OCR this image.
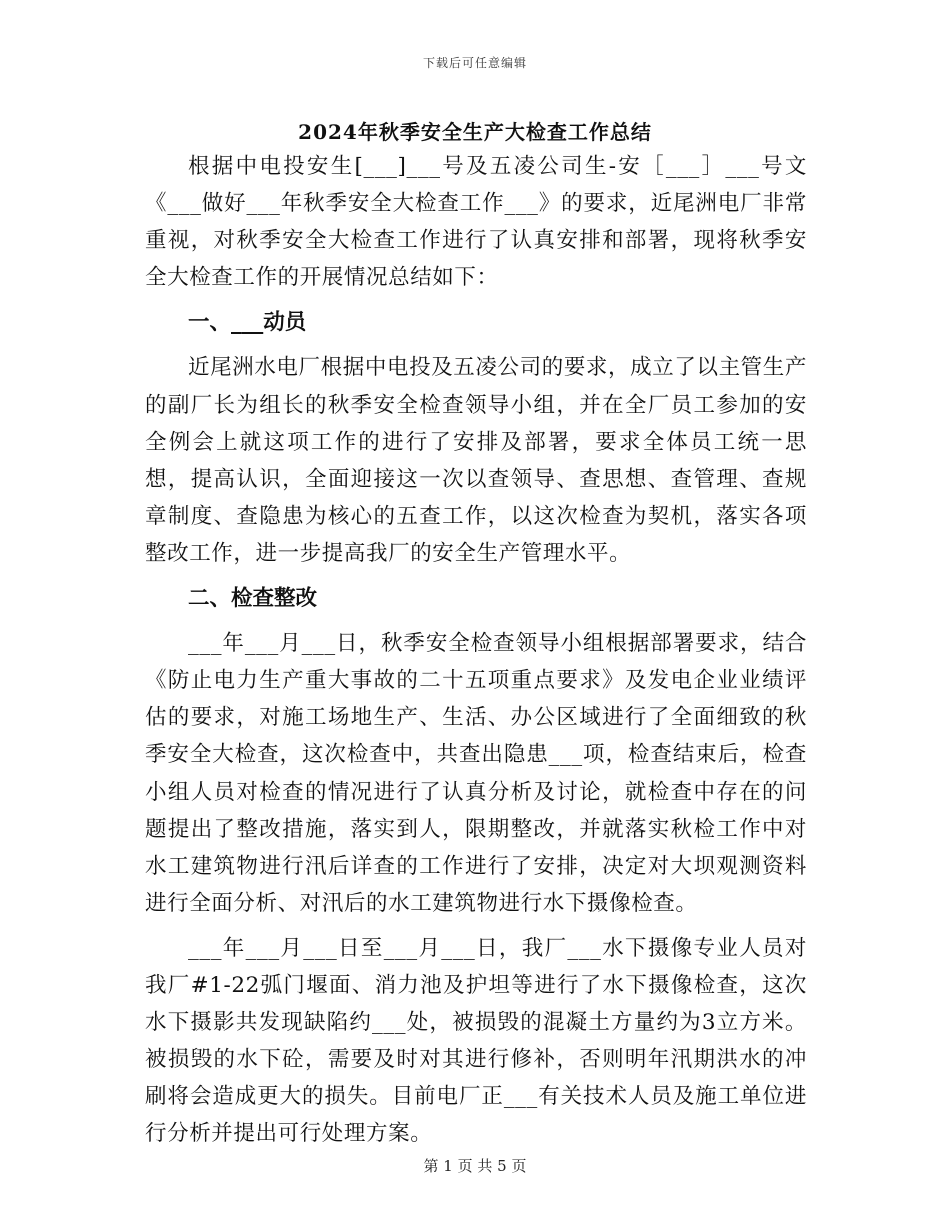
下载后可任意编辑
2024年秋季安全生产大检查工作总结

根据中电投安生[___]___号及五凌公司生-安［___］___号文《___做好___年秋季安全大检查工作___》的要求，近尾洲电厂非常重视，对秋季安全大检查工作进行了认真安排和部署，现将秋季安全大检查工作的开展情况总结如下：

一、___动员

近尾洲水电厂根据中电投及五凌公司的要求，成立了以主管生产的副厂长为组长的秋季安全检查领导小组，并在全厂员工参加的安全例会上就这项工作的进行了安排及部署，要求全体员工统一思想，提高认识，全面迎接这一次以查领导、查思想、查管理、查规章制度、查隐患为核心的五查工作，以这次检查为契机，落实各项整改工作，进一步提高我厂的安全生产管理水平。

二、检查整改

___年___月___日，秋季安全检查领导小组根据部署要求，结合《防止电力生产重大事故的二十五项重点要求》及发电企业业绩评估的要求，对施工场地生产、生活、办公区域进行了全面细致的秋季安全大检查，这次检查中，共查出隐患___项，检查结束后，检查小组人员对检查的情况进行了认真分析及讨论，就检查中存在的问题提出了整改措施，落实到人，限期整改，并就落实秋检工作中对水工建筑物进行汛后详查的工作进行了安排，决定对大坝观测资料进行全面分析、对汛后的水工建筑物进行水下摄像检查。

___年___月___日至___月___日，我厂___水下摄像专业人员对我厂#1-22弧门堰面、消力池及护坦等进行了水下摄像检查，这次水下摄影共发现缺陷约___处，被损毁的混凝土方量约为3立方米。被损毁的水下砼，需要及时对其进行修补，否则明年汛期洪水的冲刷将会造成更大的损失。目前电厂正___有关技术人员及施工单位进行分析并提出可行处理方案。

第 1 页 共 5 页
